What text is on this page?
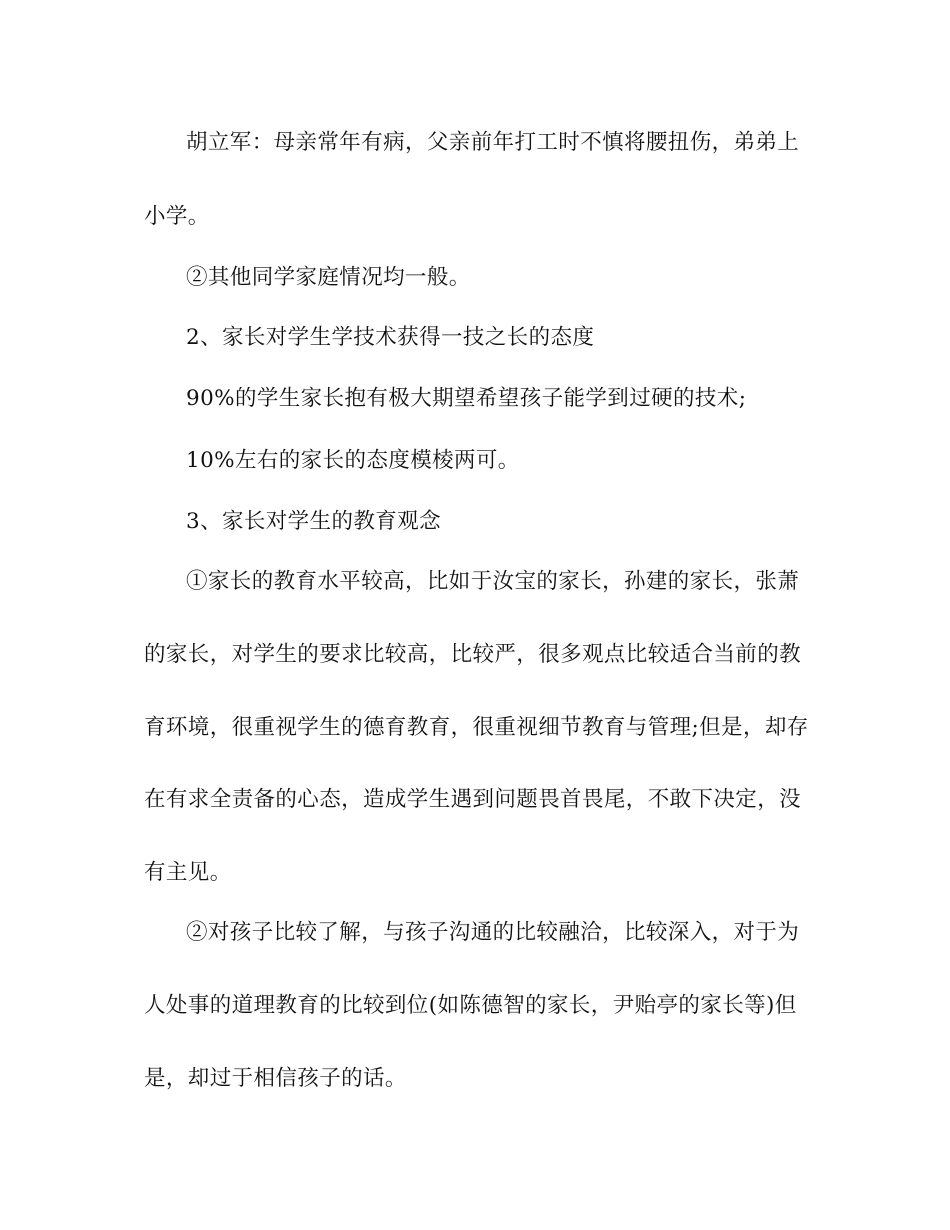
胡立军：母亲常年有病，父亲前年打工时不慎将腰扭伤，弟弟上
小学。
②其他同学家庭情况均一般。
2、家长对学生学技术获得一技之长的态度
90%的学生家长抱有极大期望希望孩子能学到过硬的技术;
10%左右的家长的态度模棱两可。
3、家长对学生的教育观念
①家长的教育水平较高，比如于汝宝的家长，孙建的家长，张萧
的家长，对学生的要求比较高，比较严，很多观点比较适合当前的教
育环境，很重视学生的德育教育，很重视细节教育与管理;但是，却存
在有求全责备的心态，造成学生遇到问题畏首畏尾，不敢下决定，没
有主见。
②对孩子比较了解，与孩子沟通的比较融洽，比较深入，对于为
人处事的道理教育的比较到位(如陈德智的家长，尹贻亭的家长等)但
是，却过于相信孩子的话。
